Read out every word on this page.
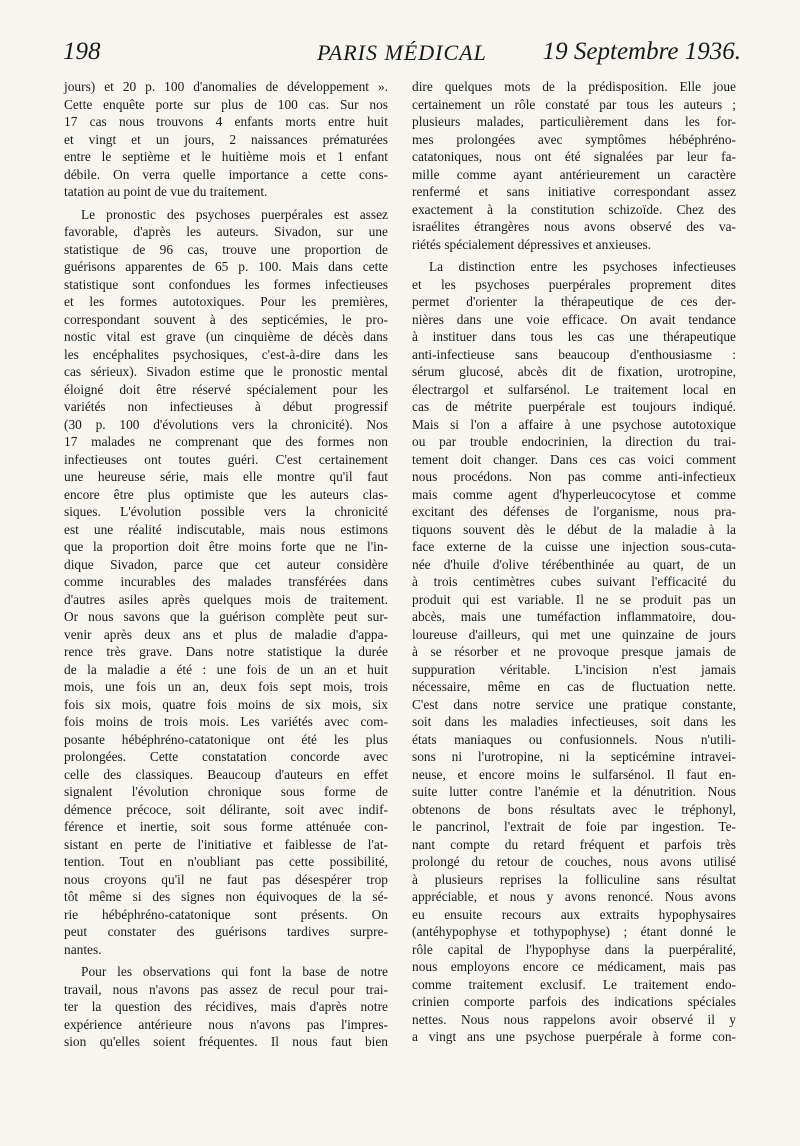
198	PARIS MÉDICAL	19 Septembre 1936.
jours) et 20 p. 100 d'anomalies de développement ».
Cette enquête porte sur plus de 100 cas. Sur nos
17 cas nous trouvons 4 enfants morts entre huit
et vingt et un jours, 2 naissances prématurées
entre le septième et le huitième mois et 1 enfant
débile. On verra quelle importance a cette cons-
tatation au point de vue du traitement.
Le pronostic des psychoses puerpérales est assez
favorable, d'après les auteurs. Sivadon, sur une
statistique de 96 cas, trouve une proportion de
guérisons apparentes de 65 p. 100. Mais dans cette
statistique sont confondues les formes infectieuses
et les formes autotoxiques. Pour les premières,
correspondant souvent à des septicémies, le pro-
nostic vital est grave (un cinquième de décès dans
les encéphalites psychosiques, c'est-à-dire dans les
cas sérieux). Sivadon estime que le pronostic mental
éloigné doit être réservé spécialement pour les
variétés non infectieuses à début progressif
(30 p. 100 d'évolutions vers la chronicité). Nos
17 malades ne comprenant que des formes non
infectieuses ont toutes guéri. C'est certainement
une heureuse série, mais elle montre qu'il faut
encore être plus optimiste que les auteurs clas-
siques. L'évolution possible vers la chronicité
est une réalité indiscutable, mais nous estimons
que la proportion doit être moins forte que ne l'in-
dique Sivadon, parce que cet auteur considère
comme incurables des malades transférées dans
d'autres asiles après quelques mois de traitement.
Or nous savons que la guérison complète peut sur-
venir après deux ans et plus de maladie d'appa-
rence très grave. Dans notre statistique la durée
de la maladie a été : une fois de un an et huit
mois, une fois un an, deux fois sept mois, trois
fois six mois, quatre fois moins de six mois, six
fois moins de trois mois. Les variétés avec com-
posante hébéphréno-catatonique ont été les plus
prolongées. Cette constatation concorde avec
celle des classiques. Beaucoup d'auteurs en effet
signalent l'évolution chronique sous forme de
démence précoce, soit délirante, soit avec indif-
férence et inertie, soit sous forme atténuée con-
sistant en perte de l'initiative et faiblesse de l'at-
tention. Tout en n'oubliant pas cette possibilité,
nous croyons qu'il ne faut pas désespérer trop
tôt même si des signes non équivoques de la sé-
rie hébéphréno-catatonique sont présents. On
peut constater des guérisons tardives surpre-
nantes.
Pour les observations qui font la base de notre
travail, nous n'avons pas assez de recul pour trai-
ter la question des récidives, mais d'après notre
expérience antérieure nous n'avons pas l'impres-
sion qu'elles soient fréquentes. Il nous faut bien
dire quelques mots de la prédisposition. Elle joue
certainement un rôle constaté par tous les auteurs ;
plusieurs malades, particulièrement dans les for-
mes prolongées avec symptômes hébéphréno-
catatoniques, nous ont été signalées par leur fa-
mille comme ayant antérieurement un caractère
renfermé et sans initiative correspondant assez
exactement à la constitution schizoïde. Chez des
israélites étrangères nous avons observé des va-
riétés spécialement dépressives et anxieuses.
La distinction entre les psychoses infectieuses
et les psychoses puerpérales proprement dites
permet d'orienter la thérapeutique de ces der-
nières dans une voie efficace. On avait tendance
à instituer dans tous les cas une thérapeutique
anti-infectieuse sans beaucoup d'enthousiasme :
sérum glucosé, abcès dit de fixation, urotropine,
électrargol et sulfarsénol. Le traitement local en
cas de métrite puerpérale est toujours indiqué.
Mais si l'on a affaire à une psychose autotoxique
ou par trouble endocrinien, la direction du trai-
tement doit changer. Dans ces cas voici comment
nous procédons. Non pas comme anti-infectieux
mais comme agent d'hyperleucocytose et comme
excitant des défenses de l'organisme, nous pra-
tiquons souvent dès le début de la maladie à la
face externe de la cuisse une injection sous-cuta-
née d'huile d'olive térébenthinée au quart, de un
à trois centimètres cubes suivant l'efficacité du
produit qui est variable. Il ne se produit pas un
abcès, mais une tuméfaction inflammatoire, dou-
loureuse d'ailleurs, qui met une quinzaine de jours
à se résorber et ne provoque presque jamais de
suppuration véritable. L'incision n'est jamais
nécessaire, même en cas de fluctuation nette.
C'est dans notre service une pratique constante,
soit dans les maladies infectieuses, soit dans les
états maniaques ou confusionnels. Nous n'utili-
sons ni l'urotropine, ni la septicémine intravei-
neuse, et encore moins le sulfarsénol. Il faut en-
suite lutter contre l'anémie et la dénutrition. Nous
obtenons de bons résultats avec le tréphonyl,
le pancrinol, l'extrait de foie par ingestion. Te-
nant compte du retard fréquent et parfois très
prolongé du retour de couches, nous avons utilisé
à plusieurs reprises la folliculine sans résultat
appréciable, et nous y avons renoncé. Nous avons
eu ensuite recours aux extraits hypophysaires
(antéhypophyse et tothypophyse) ; étant donné le
rôle capital de l'hypophyse dans la puerpéralité,
nous employons encore ce médicament, mais pas
comme traitement exclusif. Le traitement endo-
crinien comporte parfois des indications spéciales
nettes. Nous nous rappelons avoir observé il y
a vingt ans une psychose puerpérale à forme con-
